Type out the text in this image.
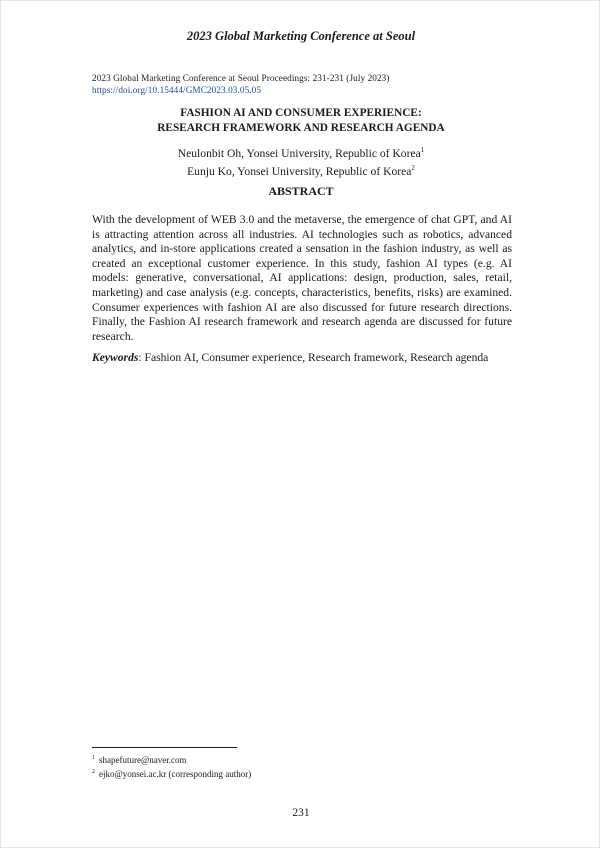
2023 Global Marketing Conference at Seoul
2023 Global Marketing Conference at Seoul Proceedings: 231-231 (July 2023)
https://doi.org/10.15444/GMC2023.03.05.05
FASHION AI AND CONSUMER EXPERIENCE:
RESEARCH FRAMEWORK AND RESEARCH AGENDA
Neulonbit Oh, Yonsei University, Republic of Korea$^1$
Eunju Ko, Yonsei University, Republic of Korea$^2$
ABSTRACT
With the development of WEB 3.0 and the metaverse, the emergence of chat GPT, and AI is attracting attention across all industries. AI technologies such as robotics, advanced analytics, and in-store applications created a sensation in the fashion industry, as well as created an exceptional customer experience. In this study, fashion AI types (e.g. AI models: generative, conversational, AI applications: design, production, sales, retail, marketing) and case analysis (e.g. concepts, characteristics, benefits, risks) are examined. Consumer experiences with fashion AI are also discussed for future research directions. Finally, the Fashion AI research framework and research agenda are discussed for future research.
Keywords: Fashion AI, Consumer experience, Research framework, Research agenda
$^1$ shapefuture@naver.com
$^2$ ejko@yonsei.ac.kr (corresponding author)
231
